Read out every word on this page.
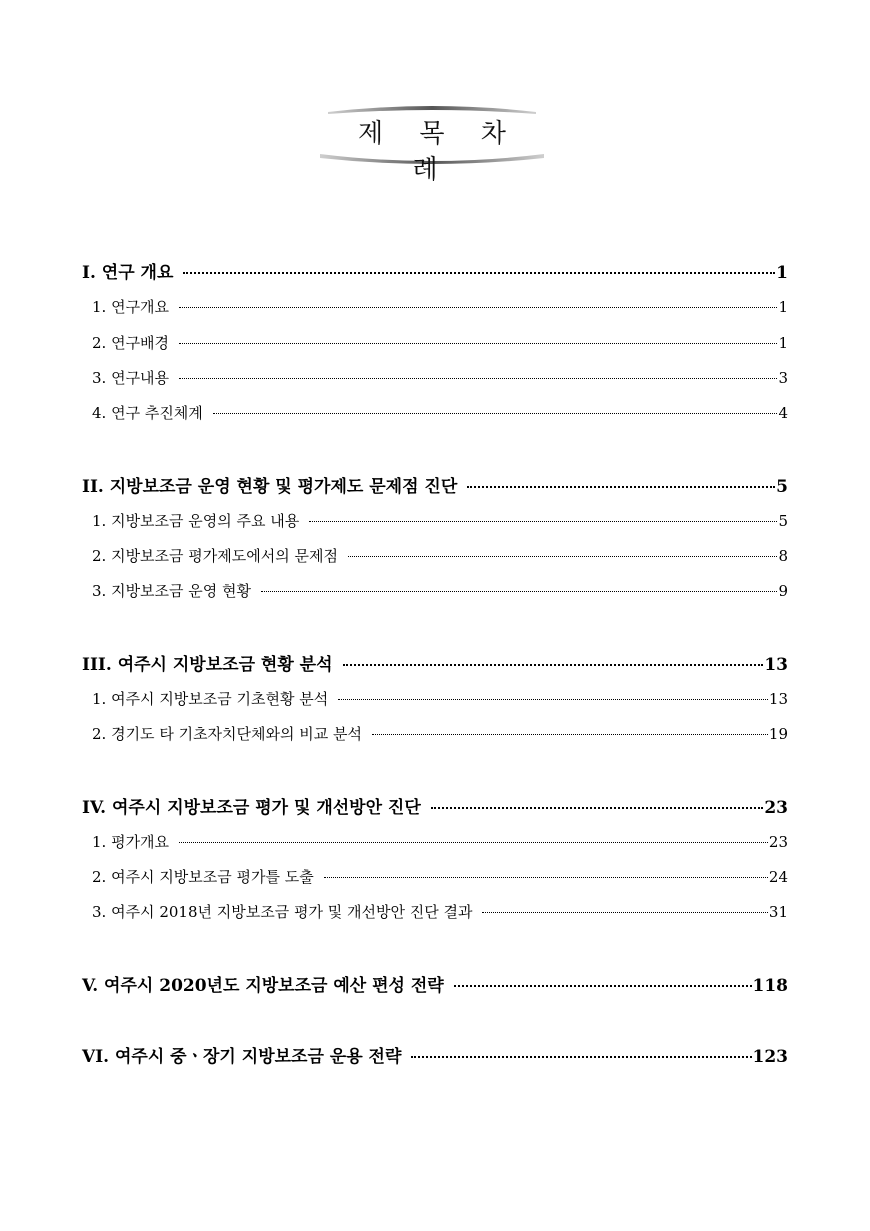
제 목 차 례
I. 연구 개요	1
1. 연구개요	1
2. 연구배경	1
3. 연구내용	3
4. 연구 추진체계	4
II. 지방보조금 운영 현황 및 평가제도 문제점 진단	5
1. 지방보조금 운영의 주요 내용	5
2. 지방보조금 평가제도에서의 문제점	8
3. 지방보조금 운영 현황	9
III. 여주시 지방보조금 현황 분석	13
1. 여주시 지방보조금 기초현황 분석	13
2. 경기도 타 기초자치단체와의 비교 분석	19
IV. 여주시 지방보조금 평가 및 개선방안 진단	23
1. 평가개요	23
2. 여주시 지방보조금 평가틀 도출	24
3. 여주시 2018년 지방보조금 평가 및 개선방안 진단 결과	31
V. 여주시 2020년도 지방보조금 예산 편성 전략	118
VI. 여주시 중ㆍ장기 지방보조금 운용 전략	123
